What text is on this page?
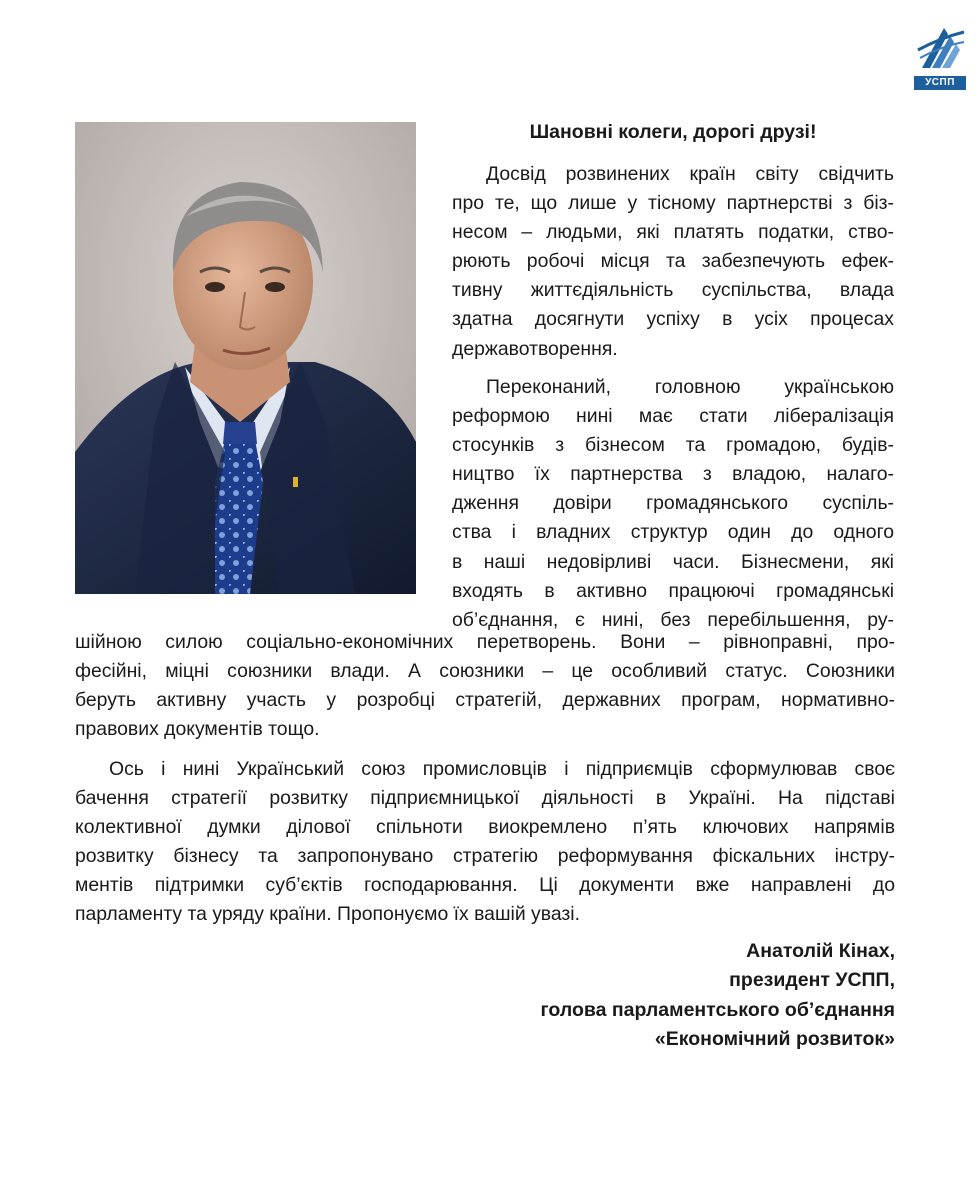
УСПП
Шановні колеги, дорогі друзі!
Досвід розвинених країн світу свідчить
про те, що лише у тісному партнерстві з біз-
несом – людьми, які платять податки, ство-
рюють робочі місця та забезпечують ефек-
тивну життєдіяльність суспільства, влада
здатна досягнути успіху в усіх процесах
державотворення.
Переконаний, головною українською
реформою нині має стати лібералізація
стосунків з бізнесом та громадою, будів-
ництво їх партнерства з владою, налаго-
дження довіри громадянського суспіль-
ства і владних структур один до одного
в наші недовірливі часи. Бізнесмени, які
входять в активно працюючі громадянські
об’єднання, є нині, без перебільшення, ру-
шійною силою соціально-економічних перетворень. Вони – рівноправні, про-
фесійні, міцні союзники влади. А союзники – це особливий статус. Союзники
беруть активну участь у розробці стратегій, державних програм, нормативно-
правових документів тощо.
Ось і нині Український союз промисловців і підприємців сформулював своє
бачення стратегії розвитку підприємницької діяльності в Україні. На підставі
колективної думки ділової спільноти виокремлено п’ять ключових напрямів
розвитку бізнесу та запропонувано стратегію реформування фіскальних інстру-
ментів підтримки суб’єктів господарювання. Ці документи вже направлені до
парламенту та уряду країни. Пропонуємо їх вашій увазі.
Анатолій Кінах,
президент УСПП,
голова парламентського об’єднання
«Економічний розвиток»
